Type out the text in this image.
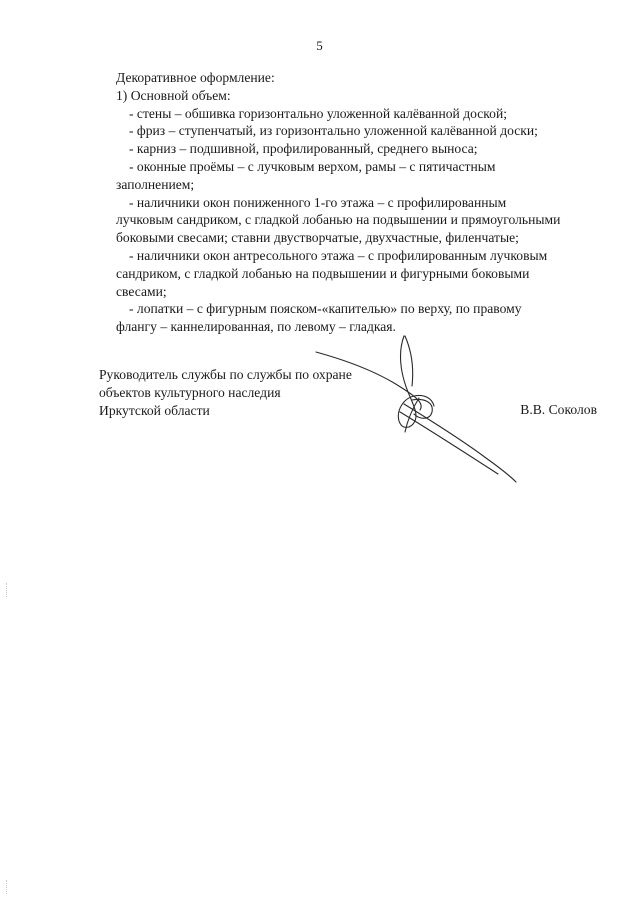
5

Декоративное оформление:

1) Основной объем:

- стены – обшивка горизонтально уложенной калёванной доской;

- фриз – ступенчатый, из горизонтально уложенной калёванной доски;

- карниз – подшивной, профилированный, среднего выноса;

- оконные проёмы – с лучковым верхом, рамы – с пятичастным

заполнением;

- наличники окон пониженного 1-го этажа – с профилированным

лучковым сандриком, с гладкой лобанью на подвышении и прямоугольными

боковыми свесами; ставни двустворчатые, двухчастные, филенчатые;

- наличники окон антресольного этажа – с профилированным лучковым

сандриком, с гладкой лобанью на подвышении и фигурными боковыми

свесами;

- лопатки – с фигурным пояском-«капителью» по верху, по правому

флангу – каннелированная, по левому – гладкая.

Руководитель службы по службы по охране

объектов культурного наследия

Иркутской области	В.В. Соколов
